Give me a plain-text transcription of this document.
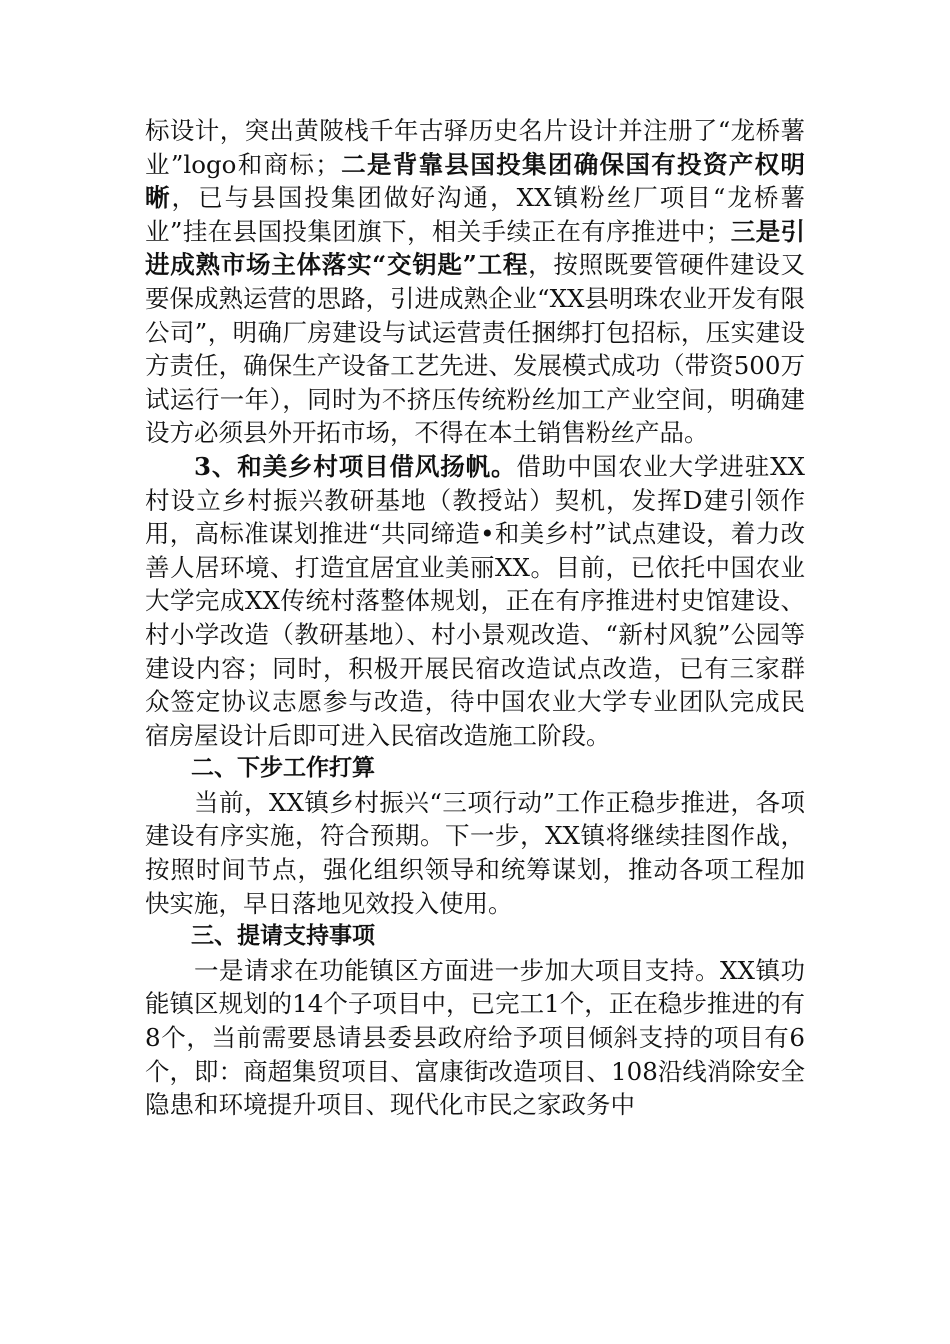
标设计，突出黄陂栈千年古驿历史名片设计并注册了“龙桥薯业”logo和商标；二是背靠县国投集团确保国有投资产权明晰，已与县国投集团做好沟通，XX镇粉丝厂项目“龙桥薯业”挂在县国投集团旗下，相关手续正在有序推进中；三是引进成熟市场主体落实“交钥匙”工程，按照既要管硬件建设又要保成熟运营的思路，引进成熟企业“XX县明珠农业开发有限公司”，明确厂房建设与试运营责任捆绑打包招标，压实建设方责任，确保生产设备工艺先进、发展模式成功（带资500万试运行一年），同时为不挤压传统粉丝加工产业空间，明确建设方必须县外开拓市场，不得在本土销售粉丝产品。

3、和美乡村项目借风扬帆。借助中国农业大学进驻XX村设立乡村振兴教研基地（教授站）契机，发挥D建引领作用，高标准谋划推进“共同缔造•和美乡村”试点建设，着力改善人居环境、打造宜居宜业美丽XX。目前，已依托中国农业大学完成XX传统村落整体规划，正在有序推进村史馆建设、村小学改造（教研基地）、村小景观改造、“新村风貌”公园等建设内容；同时，积极开展民宿改造试点改造，已有三家群众签定协议志愿参与改造，待中国农业大学专业团队完成民宿房屋设计后即可进入民宿改造施工阶段。

二、下步工作打算

当前，XX镇乡村振兴“三项行动”工作正稳步推进，各项建设有序实施，符合预期。下一步，XX镇将继续挂图作战，按照时间节点，强化组织领导和统筹谋划，推动各项工程加快实施，早日落地见效投入使用。

三、提请支持事项

一是请求在功能镇区方面进一步加大项目支持。XX镇功能镇区规划的14个子项目中，已完工1个，正在稳步推进的有8个，当前需要恳请县委县政府给予项目倾斜支持的项目有6个，即：商超集贸项目、富康街改造项目、108沿线消除安全隐患和环境提升项目、现代化市民之家政务中
